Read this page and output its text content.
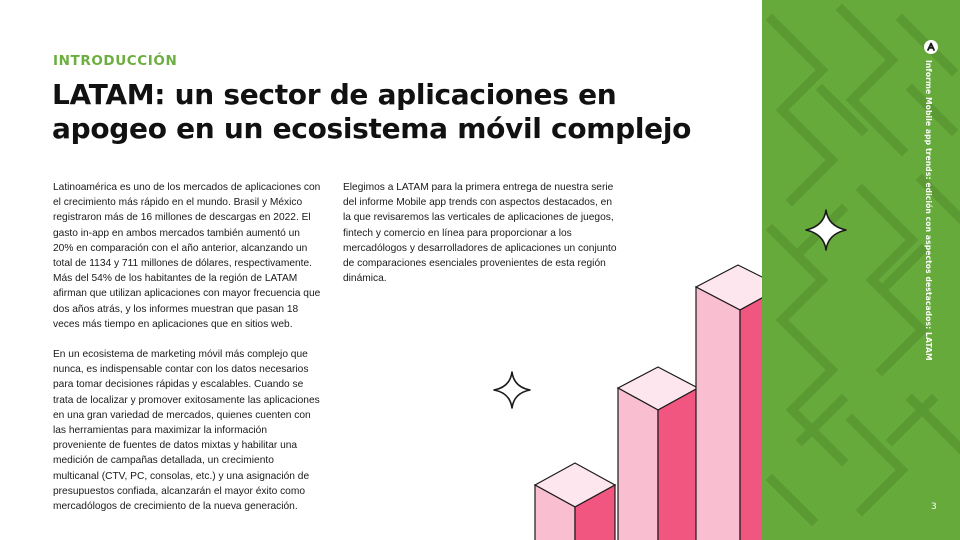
INTRODUCCIÓN
LATAM: un sector de aplicaciones en apogeo en un ecosistema móvil complejo

Latinoamérica es uno de los mercados de aplicaciones con el crecimiento más rápido en el mundo. Brasil y México registraron más de 16 millones de descargas en 2022. El gasto in-app en ambos mercados también aumentó un 20% en comparación con el año anterior, alcanzando un total de 1134 y 711 millones de dólares, respectivamente. Más del 54% de los habitantes de la región de LATAM afirman que utilizan aplicaciones con mayor frecuencia que dos años atrás, y los informes muestran que pasan 18 veces más tiempo en aplicaciones que en sitios web.

En un ecosistema de marketing móvil más complejo que nunca, es indispensable contar con los datos necesarios para tomar decisiones rápidas y escalables. Cuando se trata de localizar y promover exitosamente las aplicaciones en una gran variedad de mercados, quienes cuenten con las herramientas para maximizar la información proveniente de fuentes de datos mixtas y habilitar una medición de campañas detallada, un crecimiento multicanal (CTV, PC, consolas, etc.) y una asignación de presupuestos confiada, alcanzarán el mayor éxito como mercadólogos de crecimiento de la nueva generación.

Elegimos a LATAM para la primera entrega de nuestra serie del informe Mobile app trends con aspectos destacados, en la que revisaremos las verticales de aplicaciones de juegos, fintech y comercio en línea para proporcionar a los mercadólogos y desarrolladores de aplicaciones un conjunto de comparaciones esenciales provenientes de esta región dinámica.	Informe Mobile app trends: edición con aspectos destacados: LATAM
3
